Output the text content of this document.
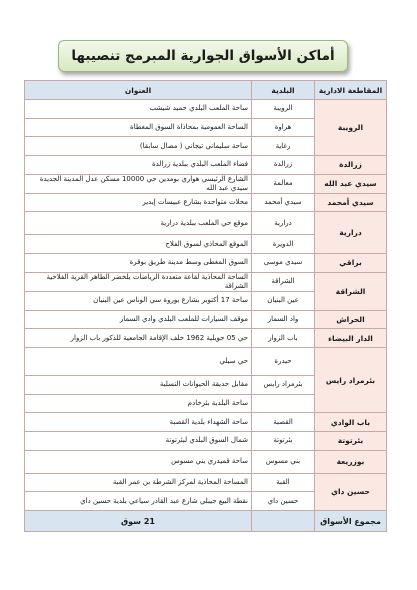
أماكن الأسواق الجوارية المبرمج تنصيبها
المقاطعة الادارية	البلدية	العنوان
الرويبة	الرويبة	ساحة الملعب البلدي حميد شيشب
	هراوة	الساحة العمومية بمحاذاة السوق المغطاة
	رغاية	ساحة سليماني تيجاني ( مصال سابقا)
زرالدة	زرالدة	فضاء الملعب البلدي ببلدية زرالدة
سيدي عبد الله	معالمة	الشارع الرئيسي هواري بومدين حي 10000 مسكن عدل المدينة الجديدة سيدي عبد الله
سيدي أمحمد	سيدي أمحمد	محلات متواجدة بشارع عبيسات إيدير
درارية	درارية	موقع حي الملعب ببلدية درارية
	الدويرة	الموقع المحاذي لسوق الفلاح
براقي	سيدي موسى	السوق المغطى وسط مدينة طريق بوقرة
الشراقة	الشراقة	الساحة المحاذية لقاعة متعددة الرياضات بلخضر الطاهر القرية الفلاحية الشراقة
	عين البنيان	ساحة 17 أكتوبر بشارع بوروة سي الوناس عين البنيان
الحراش	واد السمار	موقف السيارات للملعب البلدي وادي السمار
الدار البيضاء	باب الزوار	حي 05 جويلية 1962 خلف الإقامة الجامعية للذكور باب الزوار
بئرمراد رايس	حيدرة	حي سيلي
	بئرمراد رايس	مقابل حديقة الحيوانات التسلية
		ساحة البلدية بئرخادم
باب الوادي	القصبة	ساحة الشهداء بلدية القصبة
بئرتوتة	بئرتوتة	شمال السوق البلدي لبئرتوتة
بوزريعة	بني مسوس	ساحة قميدري بني مسوس
حسين داي	القبة	المساحة المحاذية لمركز الشرطة بن عمر القبة
	حسين داي	نقطة البيع جيبلي شارع عبد القادر سياعي بلدية حسين داي
مجموع الأسواق		21 سوق
